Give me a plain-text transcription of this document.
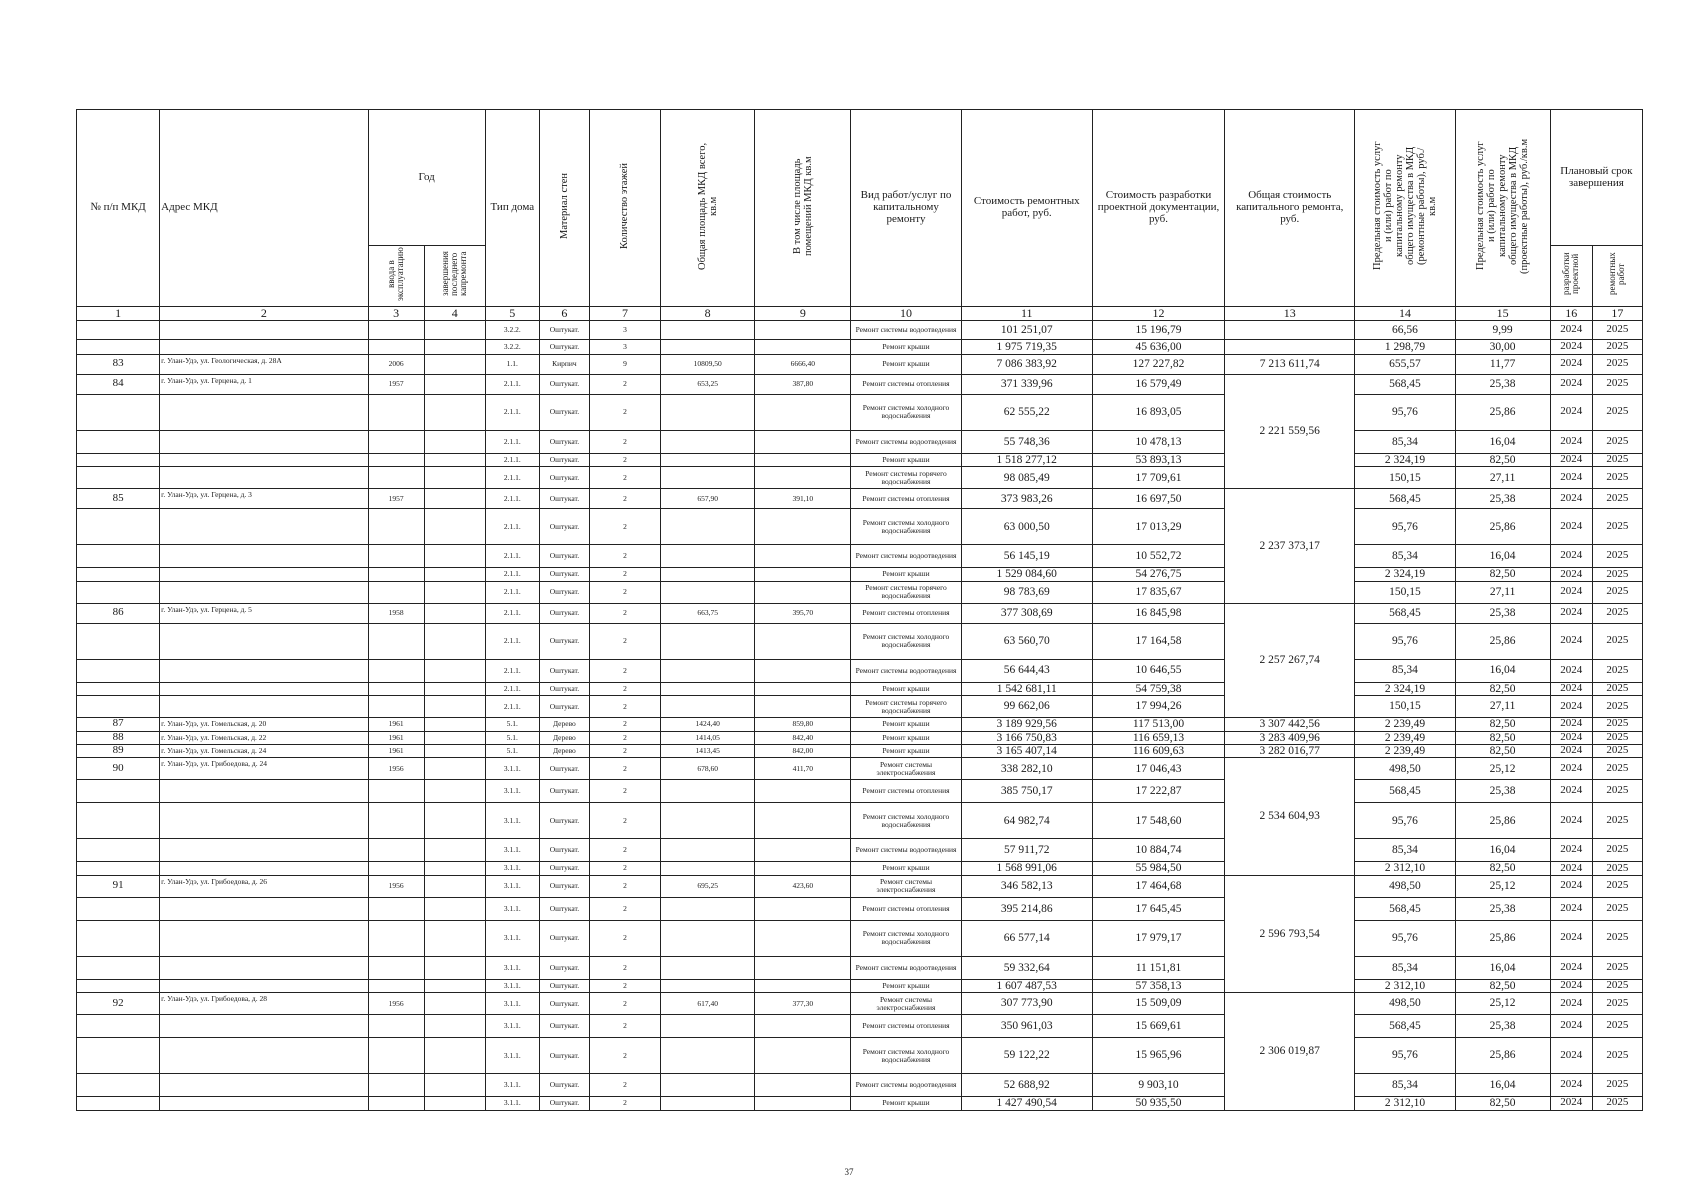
№ п/п МКД	Адрес МКД	Год		Тип дома	Материал стен	Количество этажей	Общая площадь МКД всего, кв.м	В том числе площадь помещений МКД кв.м	Вид работ/услуг по капитальному ремонту	Стоимость ремонтных работ, руб.	Стоимость разработки проектной документации, руб.	Общая стоимость капитального ремонта, руб.	Предельная стоимость услуг и (или) работ по капитальному ремонту общего имущества в МКД (ремонтные работы), руб./кв.м	Предельная стоимость услуг и (или) работ по капитальному ремонту общего имущества в МКД (проектные работы), руб./кв.м	Плановый срок завершения	
		ввода в эксплуатацию	завершения последнего капремонта												разработки проектной	ремонтных работ
1	2	3	4	5	6	7	8	9	10	11	12	13	14	15	16	17
				3.2.2.	Оштукат.	3			Ремонт системы водоотведения	101 251,07	15 196,79		66,56	9,99	2024	2025
				3.2.2.	Оштукат.	3			Ремонт крыши	1 975 719,35	45 636,00		1 298,79	30,00	2024	2025
83	г. Улан-Удэ, ул. Геологическая, д. 28А	2006		1.1.	Кирпич	9	10809,50	6666,40	Ремонт крыши	7 086 383,92	127 227,82	7 213 611,74	655,57	11,77	2024	2025
84	г. Улан-Удэ, ул. Герцена, д. 1	1957		2.1.1.	Оштукат.	2	653,25	387,80	Ремонт системы отопления	371 339,96	16 579,49	2 221 559,56	568,45	25,38	2024	2025
				2.1.1.	Оштукат.	2			Ремонт системы холодного водоснабжения	62 555,22	16 893,05		95,76	25,86	2024	2025
				2.1.1.	Оштукат.	2			Ремонт системы водоотведения	55 748,36	10 478,13		85,34	16,04	2024	2025
				2.1.1.	Оштукат.	2			Ремонт крыши	1 518 277,12	53 893,13		2 324,19	82,50	2024	2025
				2.1.1.	Оштукат.	2			Ремонт системы горячего водоснабжения	98 085,49	17 709,61		150,15	27,11	2024	2025
85	г. Улан-Удэ, ул. Герцена, д. 3	1957		2.1.1.	Оштукат.	2	657,90	391,10	Ремонт системы отопления	373 983,26	16 697,50	2 237 373,17	568,45	25,38	2024	2025
				2.1.1.	Оштукат.	2			Ремонт системы холодного водоснабжения	63 000,50	17 013,29		95,76	25,86	2024	2025
				2.1.1.	Оштукат.	2			Ремонт системы водоотведения	56 145,19	10 552,72		85,34	16,04	2024	2025
				2.1.1.	Оштукат.	2			Ремонт крыши	1 529 084,60	54 276,75		2 324,19	82,50	2024	2025
				2.1.1.	Оштукат.	2			Ремонт системы горячего водоснабжения	98 783,69	17 835,67		150,15	27,11	2024	2025
86	г. Улан-Удэ, ул. Герцена, д. 5	1958		2.1.1.	Оштукат.	2	663,75	395,70	Ремонт системы отопления	377 308,69	16 845,98	2 257 267,74	568,45	25,38	2024	2025
				2.1.1.	Оштукат.	2			Ремонт системы холодного водоснабжения	63 560,70	17 164,58		95,76	25,86	2024	2025
				2.1.1.	Оштукат.	2			Ремонт системы водоотведения	56 644,43	10 646,55		85,34	16,04	2024	2025
				2.1.1.	Оштукат.	2			Ремонт крыши	1 542 681,11	54 759,38		2 324,19	82,50	2024	2025
				2.1.1.	Оштукат.	2			Ремонт системы горячего водоснабжения	99 662,06	17 994,26		150,15	27,11	2024	2025
87	г. Улан-Удэ, ул. Гомельская, д. 20	1961		5.1.	Дерево	2	1424,40	859,80	Ремонт крыши	3 189 929,56	117 513,00	3 307 442,56	2 239,49	82,50	2024	2025
88	г. Улан-Удэ, ул. Гомельская, д. 22	1961		5.1.	Дерево	2	1414,05	842,40	Ремонт крыши	3 166 750,83	116 659,13	3 283 409,96	2 239,49	82,50	2024	2025
89	г. Улан-Удэ, ул. Гомельская, д. 24	1961		5.1.	Дерево	2	1413,45	842,00	Ремонт крыши	3 165 407,14	116 609,63	3 282 016,77	2 239,49	82,50	2024	2025
90	г. Улан-Удэ, ул. Грибоедова, д. 24	1956		3.1.1.	Оштукат.	2	678,60	411,70	Ремонт системы электроснабжения	338 282,10	17 046,43	2 534 604,93	498,50	25,12	2024	2025
				3.1.1.	Оштукат.	2			Ремонт системы отопления	385 750,17	17 222,87		568,45	25,38	2024	2025
				3.1.1.	Оштукат.	2			Ремонт системы холодного водоснабжения	64 982,74	17 548,60		95,76	25,86	2024	2025
				3.1.1.	Оштукат.	2			Ремонт системы водоотведения	57 911,72	10 884,74		85,34	16,04	2024	2025
				3.1.1.	Оштукат.	2			Ремонт крыши	1 568 991,06	55 984,50		2 312,10	82,50	2024	2025
91	г. Улан-Удэ, ул. Грибоедова, д. 26	1956		3.1.1.	Оштукат.	2	695,25	423,60	Ремонт системы электроснабжения	346 582,13	17 464,68	2 596 793,54	498,50	25,12	2024	2025
				3.1.1.	Оштукат.	2			Ремонт системы отопления	395 214,86	17 645,45		568,45	25,38	2024	2025
				3.1.1.	Оштукат.	2			Ремонт системы холодного водоснабжения	66 577,14	17 979,17		95,76	25,86	2024	2025
				3.1.1.	Оштукат.	2			Ремонт системы водоотведения	59 332,64	11 151,81		85,34	16,04	2024	2025
				3.1.1.	Оштукат.	2			Ремонт крыши	1 607 487,53	57 358,13		2 312,10	82,50	2024	2025
92	г. Улан-Удэ, ул. Грибоедова, д. 28	1956		3.1.1.	Оштукат.	2	617,40	377,30	Ремонт системы электроснабжения	307 773,90	15 509,09	2 306 019,87	498,50	25,12	2024	2025
				3.1.1.	Оштукат.	2			Ремонт системы отопления	350 961,03	15 669,61		568,45	25,38	2024	2025
				3.1.1.	Оштукат.	2			Ремонт системы холодного водоснабжения	59 122,22	15 965,96		95,76	25,86	2024	2025
				3.1.1.	Оштукат.	2			Ремонт системы водоотведения	52 688,92	9 903,10		85,34	16,04	2024	2025
				3.1.1.	Оштукат.	2			Ремонт крыши	1 427 490,54	50 935,50		2 312,10	82,50	2024	2025
37
